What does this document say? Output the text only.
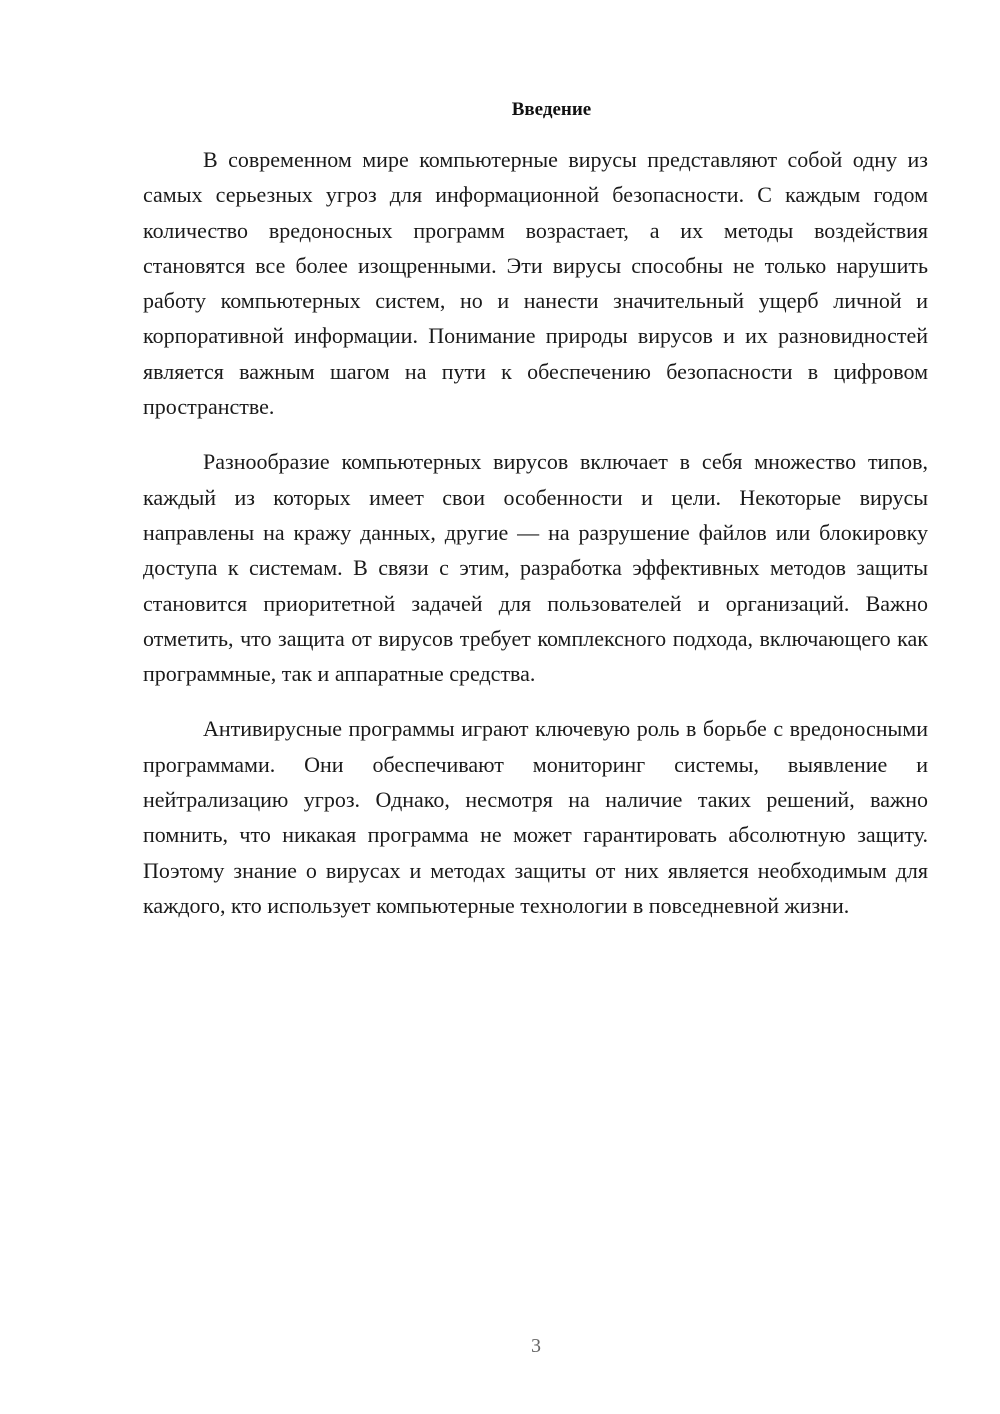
Введение

В современном мире компьютерные вирусы представляют собой одну из самых серьезных угроз для информационной безопасности. С каждым годом количество вредоносных программ возрастает, а их методы воздействия становятся все более изощренными. Эти вирусы способны не только нарушить работу компьютерных систем, но и нанести значительный ущерб личной и корпоративной информации. Понимание природы вирусов и их разновидностей является важным шагом на пути к обеспечению безопасности в цифровом пространстве.

Разнообразие компьютерных вирусов включает в себя множество типов, каждый из которых имеет свои особенности и цели. Некоторые вирусы направлены на кражу данных, другие — на разрушение файлов или блокировку доступа к системам. В связи с этим, разработка эффективных методов защиты становится приоритетной задачей для пользователей и организаций. Важно отметить, что защита от вирусов требует комплексного подхода, включающего как программные, так и аппаратные средства.

Антивирусные программы играют ключевую роль в борьбе с вредоносными программами. Они обеспечивают мониторинг системы, выявление и нейтрализацию угроз. Однако, несмотря на наличие таких решений, важно помнить, что никакая программа не может гарантировать абсолютную защиту. Поэтому знание о вирусах и методах защиты от них является необходимым для каждого, кто использует компьютерные технологии в повседневной жизни.

3
